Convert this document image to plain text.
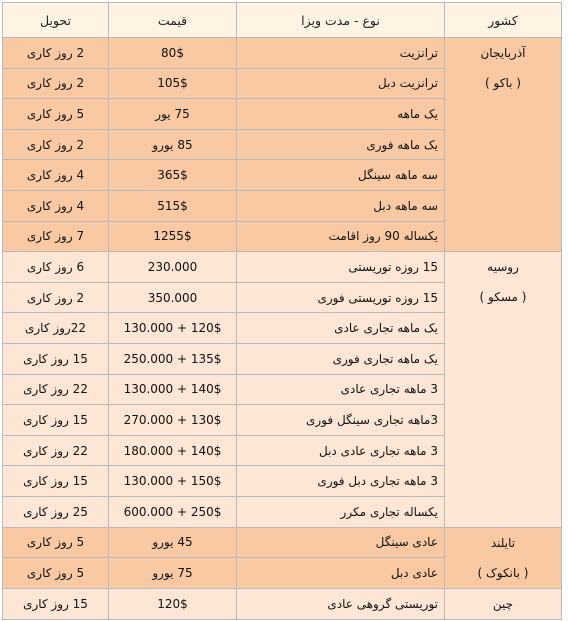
کشور	نوع - مدت ویزا	قیمت	تحویل

آذربایجان
( باکو )	ترانزیت	80$	2 روز کاری
	ترانزیت دبل	105$	2 روز کاری
	یک ماهه	75 یور	5 روز کاری
	یک ماهه فوری	85 یورو	2 روز کاری
	سه ماهه سینگل	365$	4 روز کاری
	سه ماهه دبل	515$	4 روز کاری
	یکساله 90 روز اقامت	1255$	7 روز کاری

روسیه
( مسکو )	15 روزه توریستی	230.000	6 روز کاری
	15 روزه توریستی فوری	350.000	2 روز کاری
	یک ماهه تجاری عادی	120$ + 130.000	22روز کاری
	یک ماهه تجاری فوری	135$ + 250.000	15 روز کاری
	3 ماهه تجاری عادی	140$ + 130.000	22 روز کاری
	3ماهه تجاری سینگل فوری	130$ + 270.000	15 روز کاری
	3 ماهه تجاری عادی دبل	140$ + 180.000	22 روز کاری
	3 ماهه تجاری دبل فوری	150$ + 130.000	15 روز کاری
	یکساله تجاری مکرر	250$ + 600.000	25 روز کاری

تایلند
( بانکوک )	عادی سینگل	45 یورو	5 روز کاری
	عادی دبل	75 یورو	5 روز کاری

چین	توریستی گروهی عادی	120$	15 روز کاری
